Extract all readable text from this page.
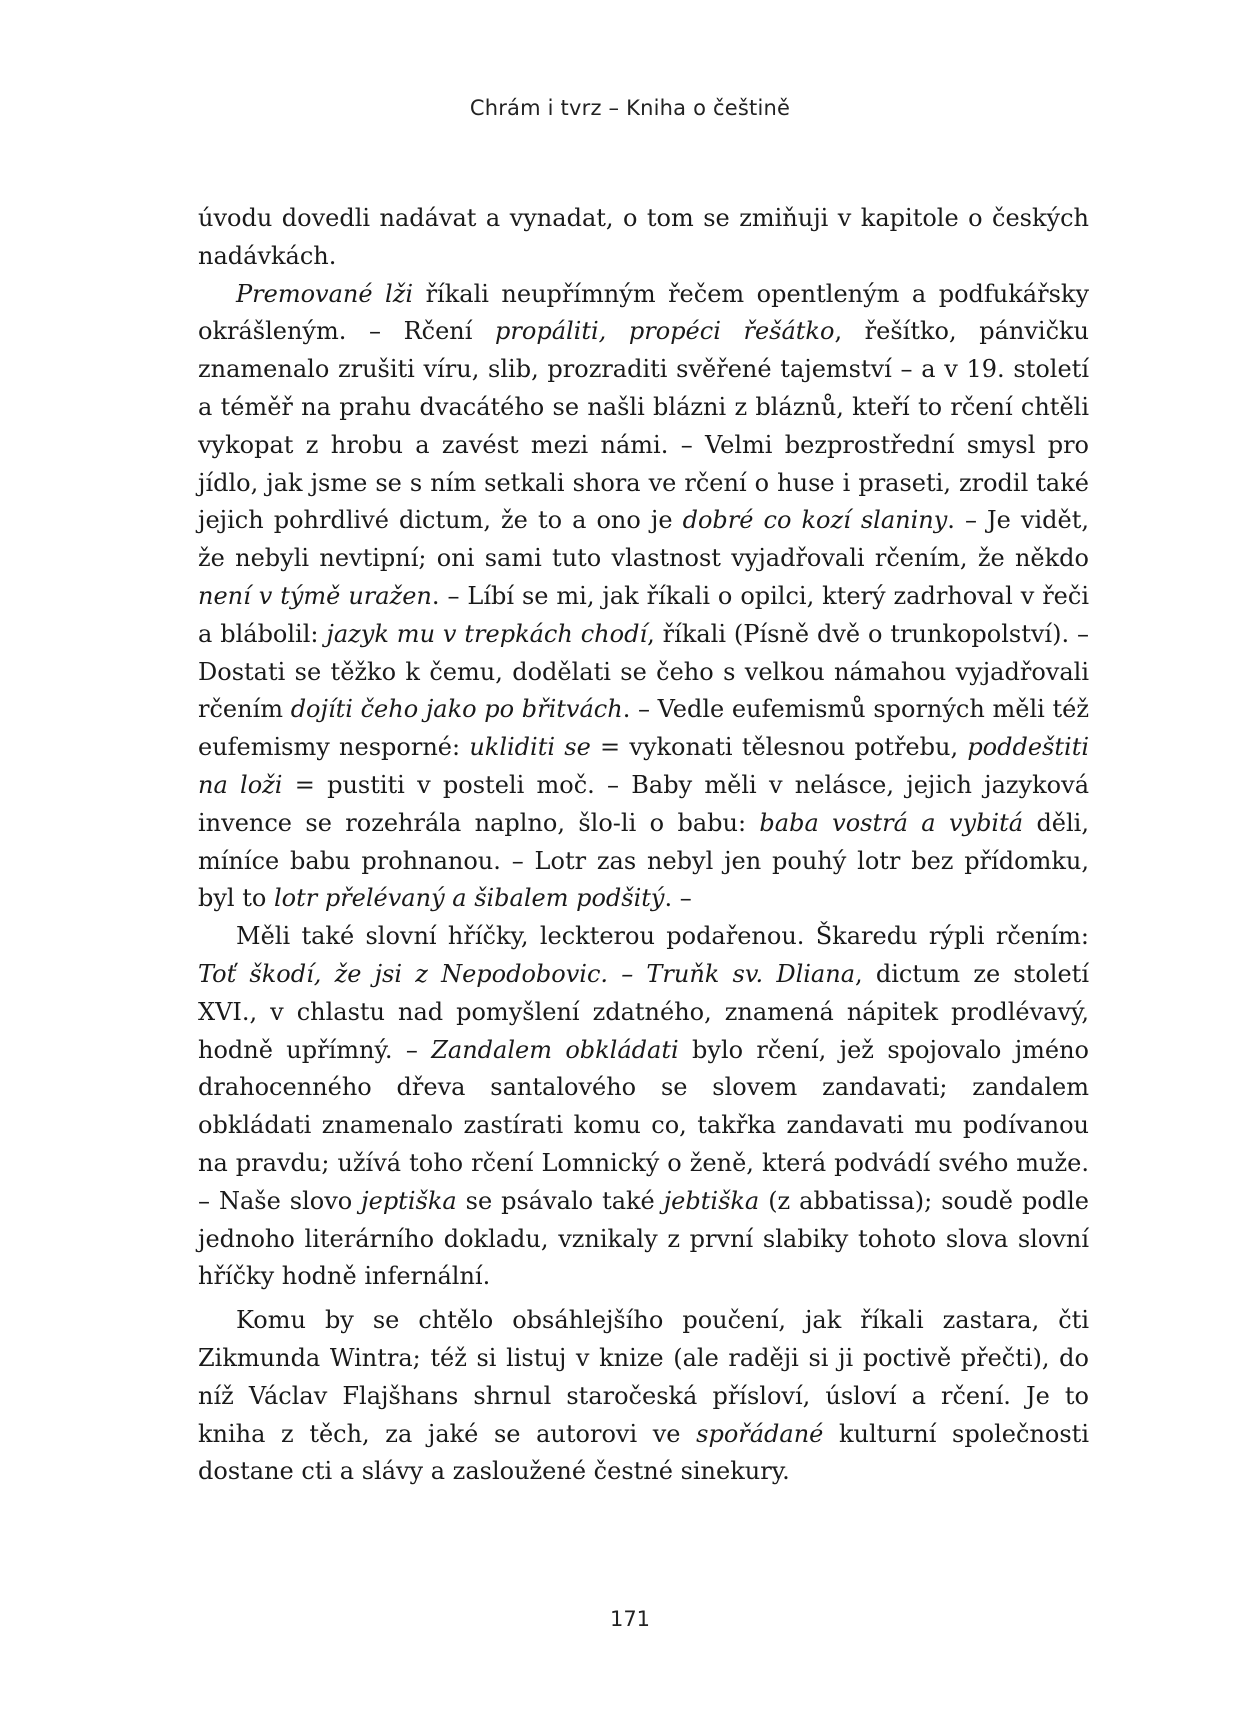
Chrám i tvrz – Kniha o češtině

úvodu dovedli nadávat a vynadat, o tom se zmiňuji v kapitole o českých nadávkách.

Premované lži říkali neupřímným řečem opentleným a podfukářsky okrášleným. – Rčení propáliti, propéci řešátko, řešítko, pánvičku znamenalo zrušiti víru, slib, prozraditi svěřené tajemství – a v 19. století a téměř na prahu dvacátého se našli blázni z bláznů, kteří to rčení chtěli vykopat z hrobu a zavést mezi námi. – Velmi bezprostřední smysl pro jídlo, jak jsme se s ním setkali shora ve rčení o huse i praseti, zrodil také jejich pohrdlivé dictum, že to a ono je dobré co kozí slaniny. – Je vidět, že nebyli nevtipní; oni sami tuto vlastnost vyjadřovali rčením, že někdo není v týmě uražen. – Líbí se mi, jak říkali o opilci, který zadrhoval v řeči a blábolil: jazyk mu v trepkách chodí, říkali (Písně dvě o trunkopolství). – Dostati se těžko k čemu, dodělati se čeho s velkou námahou vyjadřovali rčením dojíti čeho jako po břitvách. – Vedle eufemismů sporných měli též eufemismy nesporné: ukliditi se = vykonati tělesnou potřebu, poddeštiti na loži = pustiti v posteli moč. – Baby měli v nelásce, jejich jazyková invence se rozehrála naplno, šlo-li o babu: baba vostrá a vybitá děli, míníce babu prohnanou. – Lotr zas nebyl jen pouhý lotr bez přídomku, byl to lotr přelévaný a šibalem podšitý. –

Měli také slovní hříčky, leckterou podařenou. Škaredu rýpli rčením: Toť škodí, že jsi z Nepodobovic. – Truňk sv. Dliana, dictum ze století XVI., v chlastu nad pomyšlení zdatného, znamená nápitek prodlévavý, hodně upřímný. – Zandalem obkládati bylo rčení, jež spojovalo jméno drahocenného dřeva santalového se slovem zandavati; zandalem obkládati znamenalo zastírati komu co, takřka zandavati mu podívanou na pravdu; užívá toho rčení Lomnický o ženě, která podvádí svého muže. – Naše slovo jeptiška se psávalo také jebtiška (z abbatissa); soudě podle jednoho literárního dokladu, vznikaly z první slabiky tohoto slova slovní hříčky hodně infernální.

Komu by se chtělo obsáhlejšího poučení, jak říkali zastara, čti Zikmunda Wintra; též si listuj v knize (ale raději si ji poctivě přečti), do níž Václav Flajšhans shrnul staročeská přísloví, úsloví a rčení. Je to kniha z těch, za jaké se autorovi ve spořádané kulturní společnosti dostane cti a slávy a zasloužené čestné sinekury.

171
